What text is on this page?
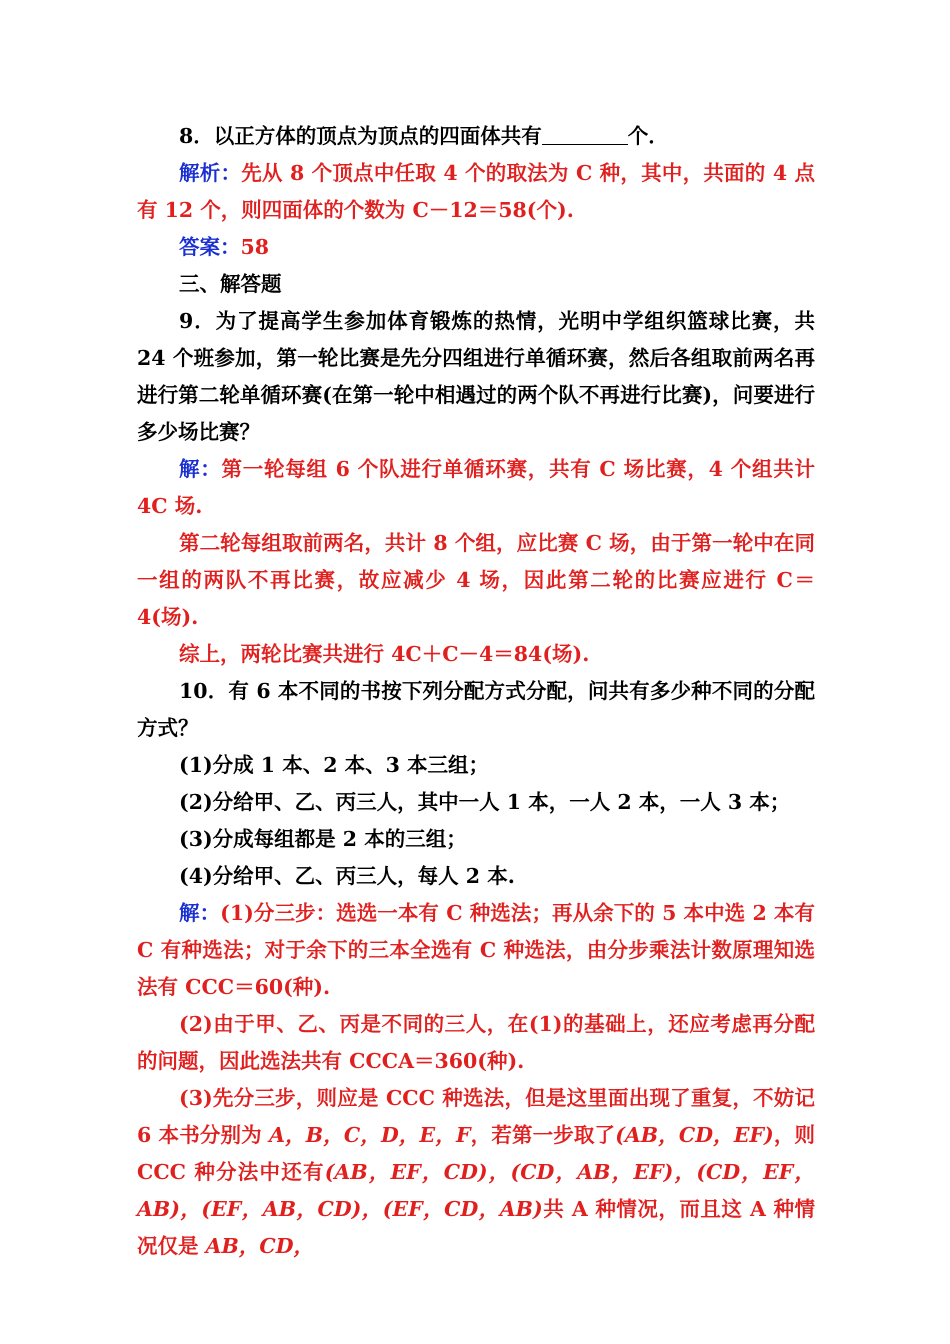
8．以正方体的顶点为顶点的四面体共有	个．

解析：先从 8 个顶点中任取 4 个的取法为 C 种，其中，共面的 4 点有 12 个，则四面体的个数为 C－12＝58(个).

答案：58

三、解答题

9．为了提高学生参加体育锻炼的热情，光明中学组织篮球比赛，共 24 个班参加，第一轮比赛是先分四组进行单循环赛，然后各组取前两名再进行第二轮单循环赛(在第一轮中相遇过的两个队不再进行比赛)，问要进行多少场比赛？

解：第一轮每组 6 个队进行单循环赛，共有 C 场比赛，4 个组共计 4C 场.

第二轮每组取前两名，共计 8 个组，应比赛 C 场，由于第一轮中在同一组的两队不再比赛，故应减少 4 场，因此第二轮的比赛应进行 C＝4(场).

综上，两轮比赛共进行 4C＋C－4＝84(场).

10．有 6 本不同的书按下列分配方式分配，问共有多少种不同的分配方式？

(1)分成 1 本、2 本、3 本三组；

(2)分给甲、乙、丙三人，其中一人 1 本，一人 2 本，一人 3 本；

(3)分成每组都是 2 本的三组；

(4)分给甲、乙、丙三人，每人 2 本.

解：(1)分三步：选选一本有 C 种选法；再从余下的 5 本中选 2 本有 C 有种选法；对于余下的三本全选有 C 种选法，由分步乘法计数原理知选法有 CCC＝60(种).

(2)由于甲、乙、丙是不同的三人，在(1)的基础上，还应考虑再分配的问题，因此选法共有 CCCA＝360(种).

(3)先分三步，则应是 CCC 种选法，但是这里面出现了重复，不妨记 6 本书分别为 A，B，C，D，E，F，若第一步取了(AB，CD，EF)，则 CCC 种分法中还有(AB，EF，CD)，(CD，AB，EF)，(CD，EF，AB)，(EF，AB，CD)，(EF，CD，AB)共 A 种情况，而且这 A 种情况仅是 AB，CD，
